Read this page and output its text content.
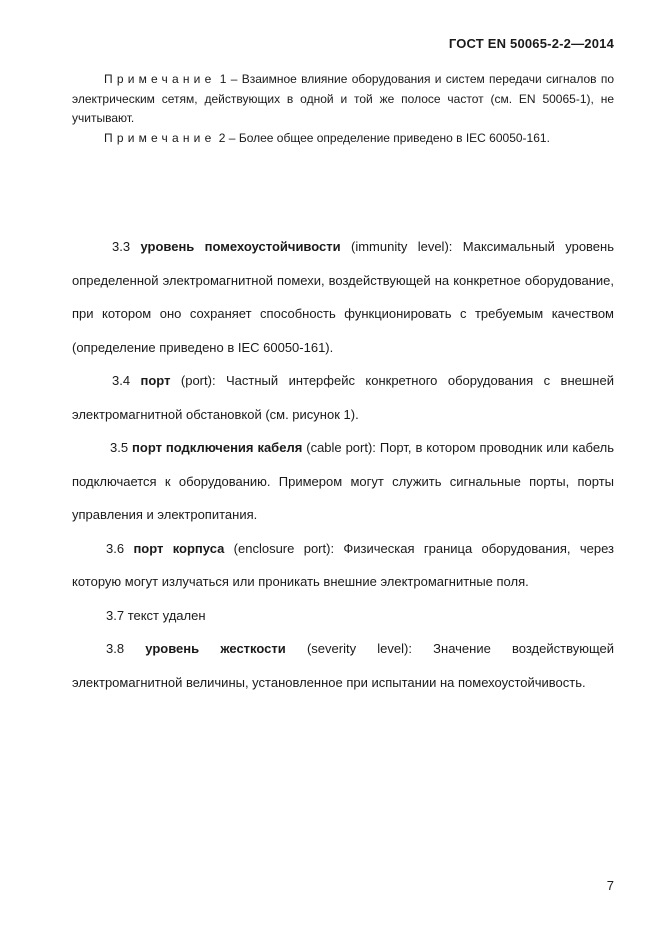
ГОСТ EN 50065-2-2—2014

Примечание 1 – Взаимное влияние оборудования и систем передачи сигналов по электрическим сетям, действующих в одной и той же полосе частот (см. EN 50065-1), не учитывают.

Примечание 2 – Более общее определение приведено в IEC 60050-161.

3.3 уровень помехоустойчивости (immunity level): Максимальный уровень определенной электромагнитной помехи, воздействующей на конкретное оборудование, при котором оно сохраняет способность функционировать с требуемым качеством (определение приведено в IEC 60050-161).

3.4 порт (port): Частный интерфейс конкретного оборудования с внешней электромагнитной обстановкой (см. рисунок 1).

3.5 порт подключения кабеля (cable port): Порт, в котором проводник или кабель подключается к оборудованию. Примером могут служить сигнальные порты, порты управления и электропитания.

3.6 порт корпуса (enclosure port): Физическая граница оборудования, через которую могут излучаться или проникать внешние электромагнитные поля.

3.7 текст удален

3.8 уровень жесткости (severity level): Значение воздействующей электромагнитной величины, установленное при испытании на помехоустойчивость.

7
